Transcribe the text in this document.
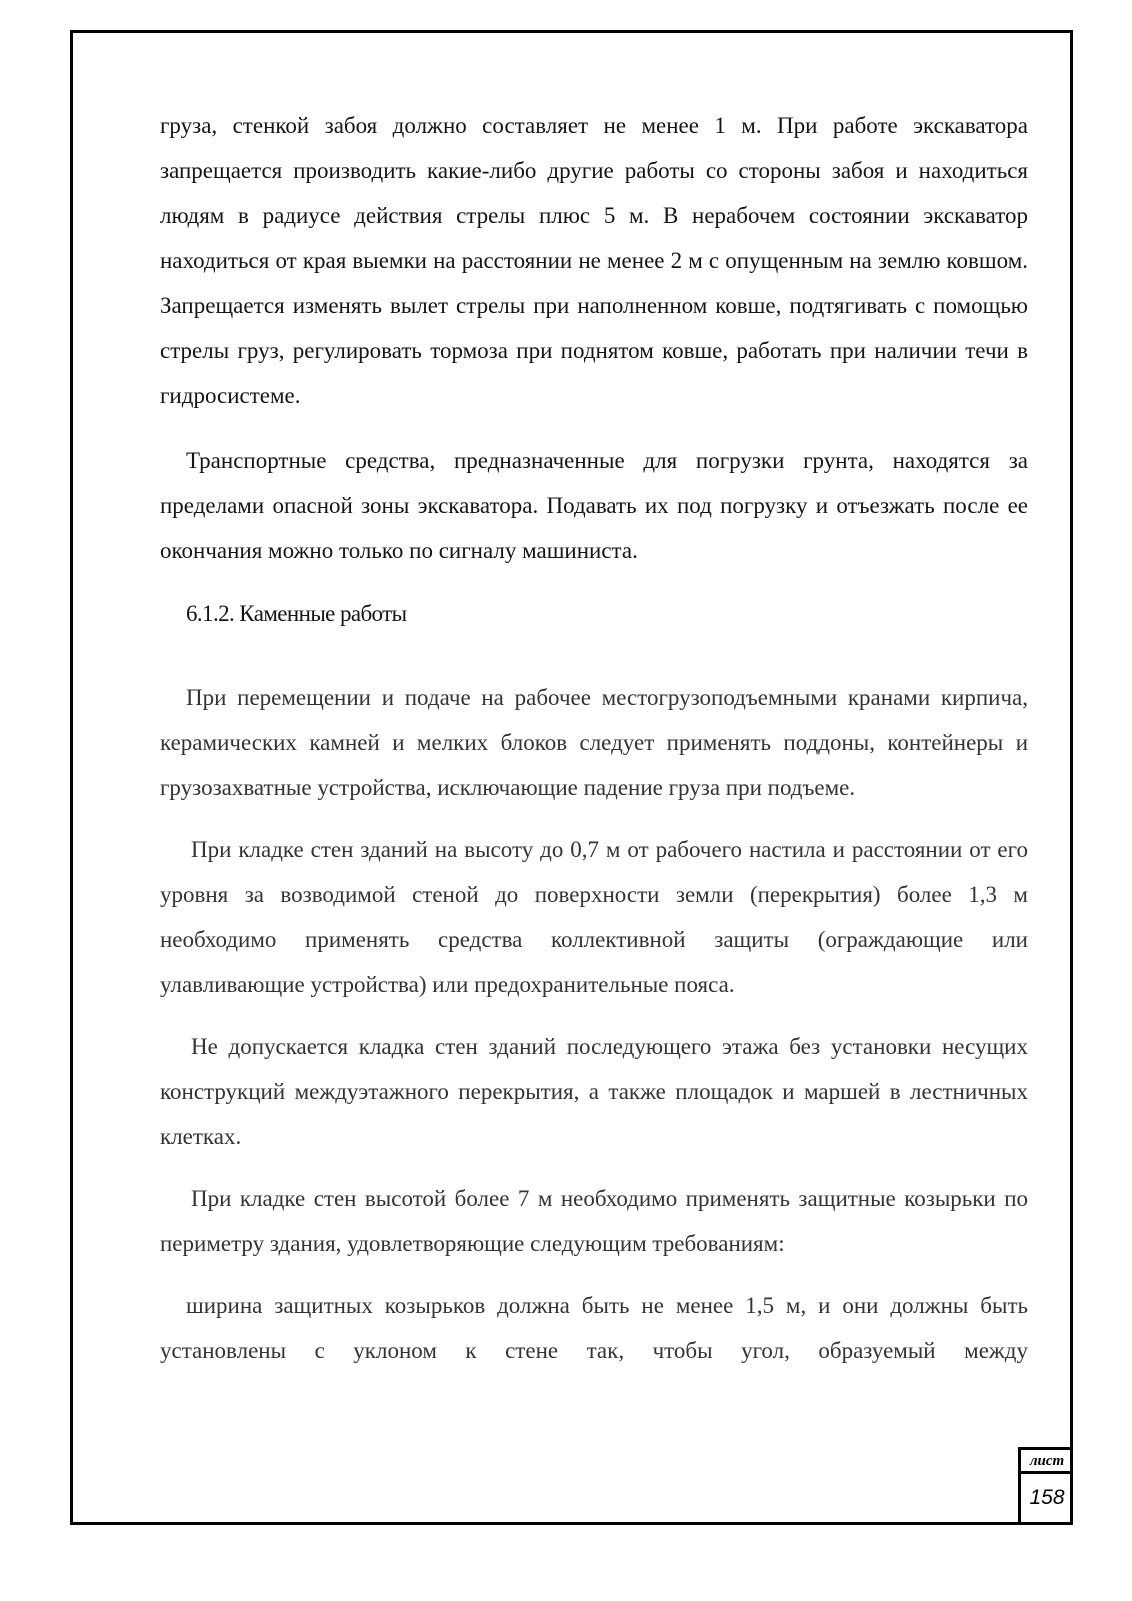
груза, стенкой забоя должно составляет не менее 1 м. При работе экскаватора запрещается производить какие-либо другие работы со стороны забоя и находиться людям в радиусе действия стрелы плюс 5 м. В нерабочем состоянии экскаватор находиться от края выемки на расстоянии не менее 2 м с опущенным на землю ковшом. Запрещается изменять вылет стрелы при наполненном ковше, подтягивать с помощью стрелы груз, регулировать тормоза при поднятом ковше, работать при наличии течи в гидросистеме.

Транспортные средства, предназначенные для погрузки грунта, находятся за пределами опасной зоны экскаватора. Подавать их под погрузку и отъезжать после ее окончания можно только по сигналу машиниста.

6.1.2. Каменные работы

При перемещении и подаче на рабочее местогрузоподъемными кранами кирпича, керамических камней и мелких блоков следует применять поддоны, контейнеры и грузозахватные устройства, исключающие падение груза при подъеме.

При кладке стен зданий на высоту до 0,7 м от рабочего настила и расстоянии от его уровня за возводимой стеной до поверхности земли (перекрытия) более 1,3 м необходимо применять средства коллективной защиты (ограждающие или улавливающие устройства) или предохранительные пояса.

Не допускается кладка стен зданий последующего этажа без установки несущих конструкций междуэтажного перекрытия, а также площадок и маршей в лестничных клетках.

При кладке стен высотой более 7 м необходимо применять защитные козырьки по периметру здания, удовлетворяющие следующим требованиям:

ширина защитных козырьков должна быть не менее 1,5 м, и они должны быть установлены с уклоном к стене так, чтобы угол, образуемый между

лист
158
